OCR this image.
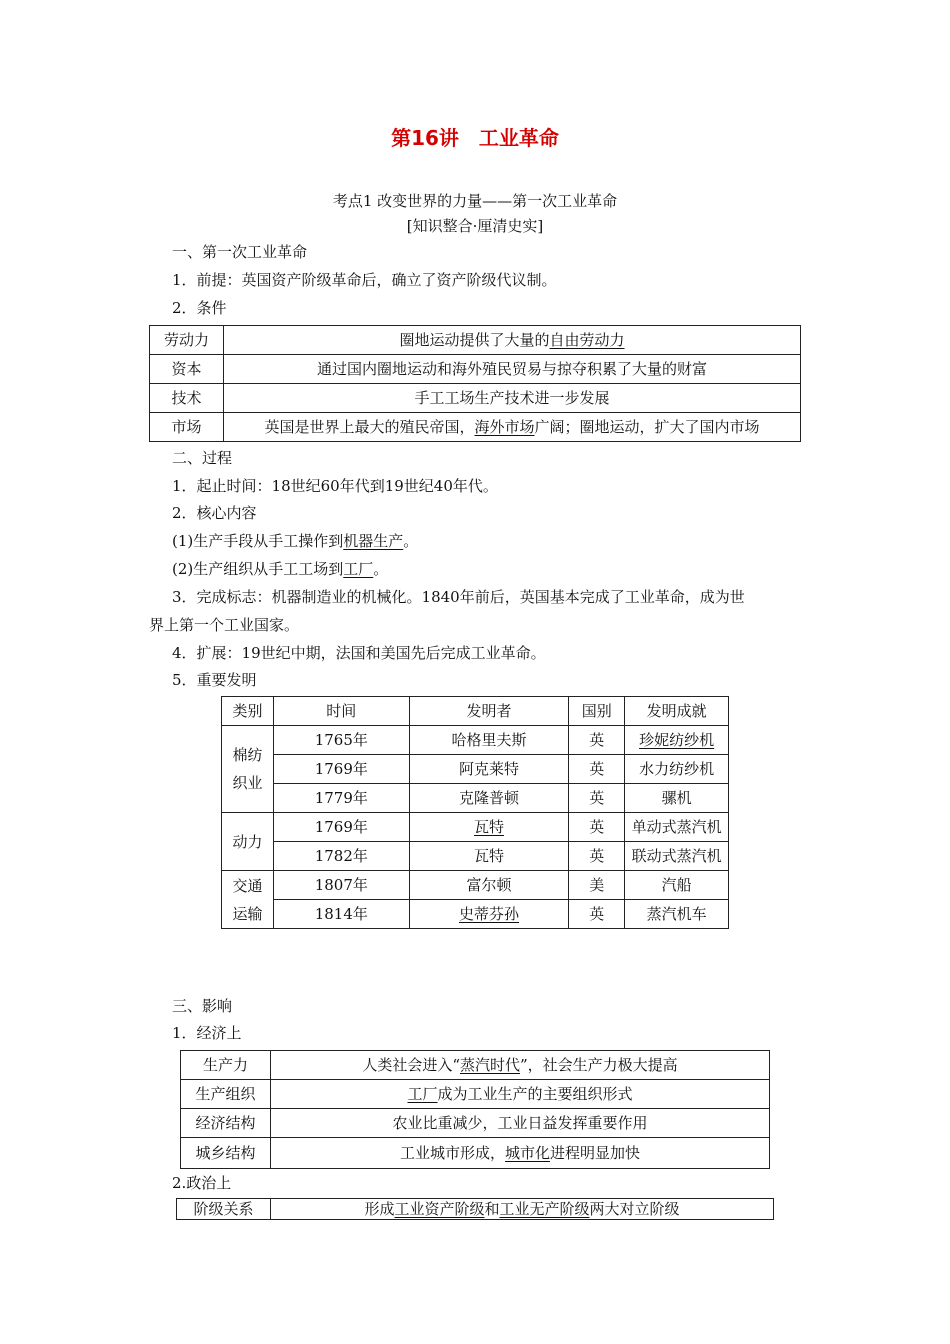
第16讲　工业革命
考点1 改变世界的力量——第一次工业革命
[知识整合·厘清史实]
一、第一次工业革命
1．前提：英国资产阶级革命后，确立了资产阶级代议制。
2．条件
劳动力	圈地运动提供了大量的自由劳动力
资本	通过国内圈地运动和海外殖民贸易与掠夺积累了大量的财富
技术	手工工场生产技术进一步发展
市场	英国是世界上最大的殖民帝国，海外市场广阔；圈地运动，扩大了国内市场
二、过程
1．起止时间：18世纪60年代到19世纪40年代。
2．核心内容
(1)生产手段从手工操作到机器生产。
(2)生产组织从手工工场到工厂。
3．完成标志：机器制造业的机械化。1840年前后，英国基本完成了工业革命，成为世
界上第一个工业国家。
4．扩展：19世纪中期，法国和美国先后完成工业革命。
5．重要发明
类别	时间	发明者	国别	发明成就
棉纺织业	1765年	哈格里夫斯	英	珍妮纺纱机
	1769年	阿克莱特	英	水力纺纱机
	1779年	克隆普顿	英	骡机
动力	1769年	瓦特	英	单动式蒸汽机
	1782年	瓦特	英	联动式蒸汽机
交通运输	1807年	富尔顿	美	汽船
	1814年	史蒂芬孙	英	蒸汽机车
三、影响
1．经济上
生产力	人类社会进入“蒸汽时代”，社会生产力极大提高
生产组织	工厂成为工业生产的主要组织形式
经济结构	农业比重减少，工业日益发挥重要作用
城乡结构	工业城市形成，城市化进程明显加快
2.政治上
阶级关系	形成工业资产阶级和工业无产阶级两大对立阶级
